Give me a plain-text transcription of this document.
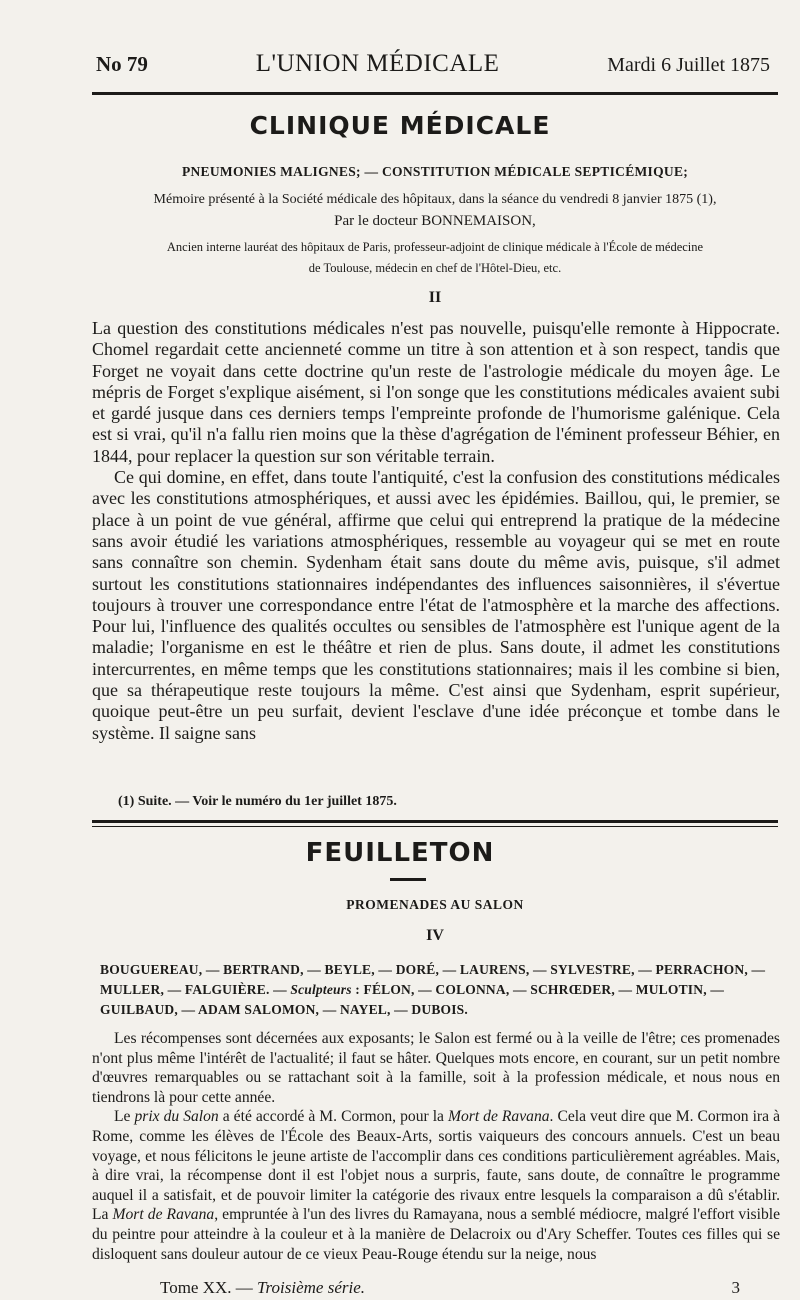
No 79	L'UNION MÉDICALE	Mardi 6 Juillet 1875
CLINIQUE MÉDICALE
PNEUMONIES MALIGNES; — CONSTITUTION MÉDICALE SEPTICÉMIQUE;
Mémoire présenté à la Société médicale des hôpitaux, dans la séance du vendredi 8 janvier 1875 (1),
Par le docteur BONNEMAISON,
Ancien interne lauréat des hôpitaux de Paris, professeur-adjoint de clinique médicale à l'École de médecine
de Toulouse, médecin en chef de l'Hôtel-Dieu, etc.
II

La question des constitutions médicales n'est pas nouvelle, puisqu'elle remonte à Hippocrate. Chomel regardait cette ancienneté comme un titre à son attention et à son respect, tandis que Forget ne voyait dans cette doctrine qu'un reste de l'astrologie médicale du moyen âge. Le mépris de Forget s'explique aisément, si l'on songe que les constitutions médicales avaient subi et gardé jusque dans ces derniers temps l'empreinte profonde de l'humorisme galénique. Cela est si vrai, qu'il n'a fallu rien moins que la thèse d'agrégation de l'éminent professeur Béhier, en 1844, pour replacer la question sur son véritable terrain.

Ce qui domine, en effet, dans toute l'antiquité, c'est la confusion des constitutions médicales avec les constitutions atmosphériques, et aussi avec les épidémies. Baillou, qui, le premier, se place à un point de vue général, affirme que celui qui entreprend la pratique de la médecine sans avoir étudié les variations atmosphériques, ressemble au voyageur qui se met en route sans connaître son chemin. Sydenham était sans doute du même avis, puisque, s'il admet surtout les constitutions stationnaires indépendantes des influences saisonnières, il s'évertue toujours à trouver une correspondance entre l'état de l'atmosphère et la marche des affections. Pour lui, l'influence des qualités occultes ou sensibles de l'atmosphère est l'unique agent de la maladie; l'organisme en est le théâtre et rien de plus. Sans doute, il admet les constitutions intercurrentes, en même temps que les constitutions stationnaires; mais il les combine si bien, que sa thérapeutique reste toujours la même. C'est ainsi que Sydenham, esprit supérieur, quoique peut-être un peu surfait, devient l'esclave d'une idée préconçue et tombe dans le système. Il saigne sans

(1) Suite. — Voir le numéro du 1er juillet 1875.
FEUILLETON
PROMENADES AU SALON
IV
BOUGUEREAU, — BERTRAND, — BEYLE, — DORÉ, — LAURENS, — SYLVESTRE, — PERRACHON, —
MULLER, — FALGUIÈRE. — Sculpteurs : FÉLON, — COLONNA, — SCHRŒDER, — MULOTIN, —
GUILBAUD, — ADAM SALOMON, — NAYEL, — DUBOIS.

Les récompenses sont décernées aux exposants; le Salon est fermé ou à la veille de l'être; ces promenades n'ont plus même l'intérêt de l'actualité; il faut se hâter. Quelques mots encore, en courant, sur un petit nombre d'œuvres remarquables ou se rattachant soit à la famille, soit à la profession médicale, et nous nous en tiendrons là pour cette année.

Le prix du Salon a été accordé à M. Cormon, pour la Mort de Ravana. Cela veut dire que M. Cormon ira à Rome, comme les élèves de l'École des Beaux-Arts, sortis vaiqueurs des concours annuels. C'est un beau voyage, et nous félicitons le jeune artiste de l'accomplir dans ces conditions particulièrement agréables. Mais, à dire vrai, la récompense dont il est l'objet nous a surpris, faute, sans doute, de connaître le programme auquel il a satisfait, et de pouvoir limiter la catégorie des rivaux entre lesquels la comparaison a dû s'établir. La Mort de Ravana, empruntée à l'un des livres du Ramayana, nous a semblé médiocre, malgré l'effort visible du peintre pour atteindre à la couleur et à la manière de Delacroix ou d'Ary Scheffer. Toutes ces filles qui se disloquent sans douleur autour de ce vieux Peau-Rouge étendu sur la neige, nous

Tome XX. — Troisième série.	3
